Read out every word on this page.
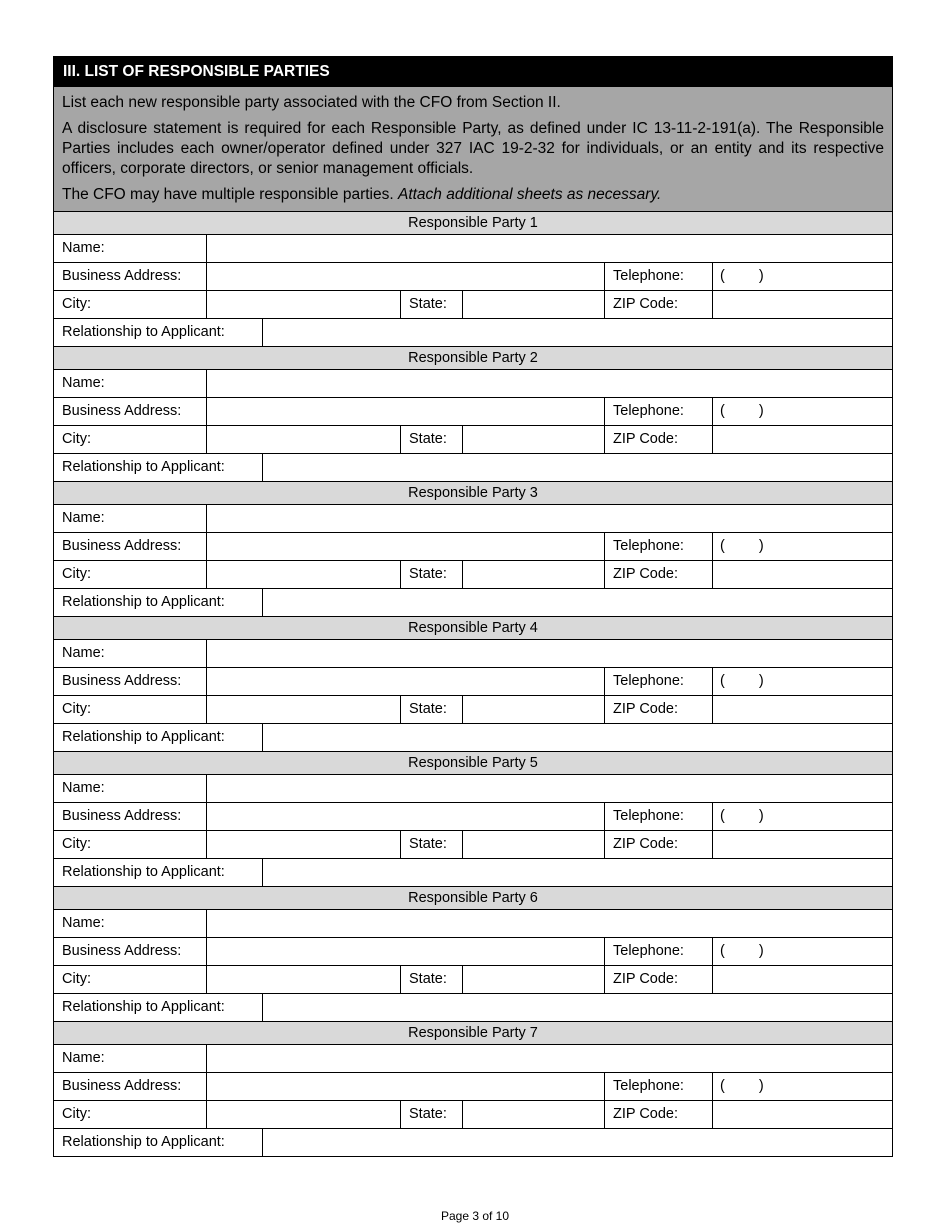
III. LIST OF RESPONSIBLE PARTIES

List each new responsible party associated with the CFO from Section II.

A disclosure statement is required for each Responsible Party, as defined under IC 13-11-2-191(a). The Responsible Parties includes each owner/operator defined under 327 IAC 19-2-32 for individuals, or an entity and its respective officers, corporate directors, or senior management officials.

The CFO may have multiple responsible parties. Attach additional sheets as necessary.

Responsible Party 1
Name:
Business Address:	Telephone:	( )
City:	State:	ZIP Code:
Relationship to Applicant:
Responsible Party 2
Name:
Business Address:	Telephone:	( )
City:	State:	ZIP Code:
Relationship to Applicant:
Responsible Party 3
Name:
Business Address:	Telephone:	( )
City:	State:	ZIP Code:
Relationship to Applicant:
Responsible Party 4
Name:
Business Address:	Telephone:	( )
City:	State:	ZIP Code:
Relationship to Applicant:
Responsible Party 5
Name:
Business Address:	Telephone:	( )
City:	State:	ZIP Code:
Relationship to Applicant:
Responsible Party 6
Name:
Business Address:	Telephone:	( )
City:	State:	ZIP Code:
Relationship to Applicant:
Responsible Party 7
Name:
Business Address:	Telephone:	( )
City:	State:	ZIP Code:
Relationship to Applicant:
Page 3 of 10
